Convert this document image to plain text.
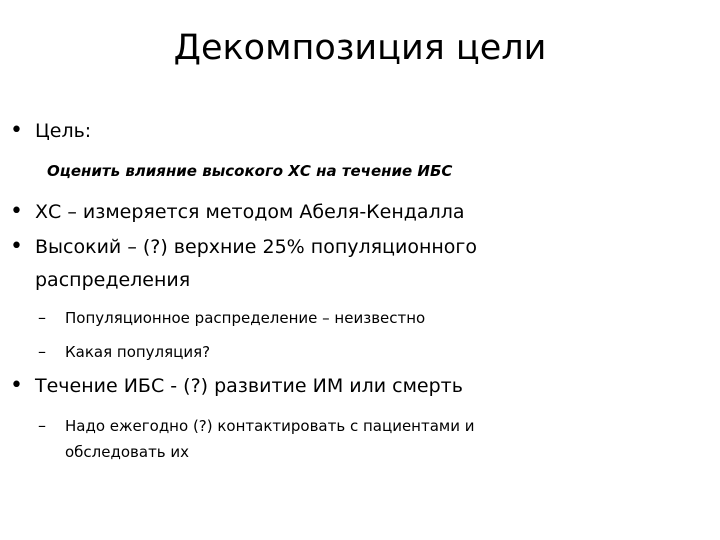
Декомпозиция цели
• Цель:
Оценить влияние высокого ХС на течение ИБС
• ХС – измеряется методом Абеля-Кендалла
• Высокий – (?) верхние 25% популяционного
распределения
– Популяционное распределение – неизвестно
– Какая популяция?
• Течение ИБС - (?) развитие ИМ или смерть
– Надо ежегодно (?) контактировать с пациентами и
обследовать их
